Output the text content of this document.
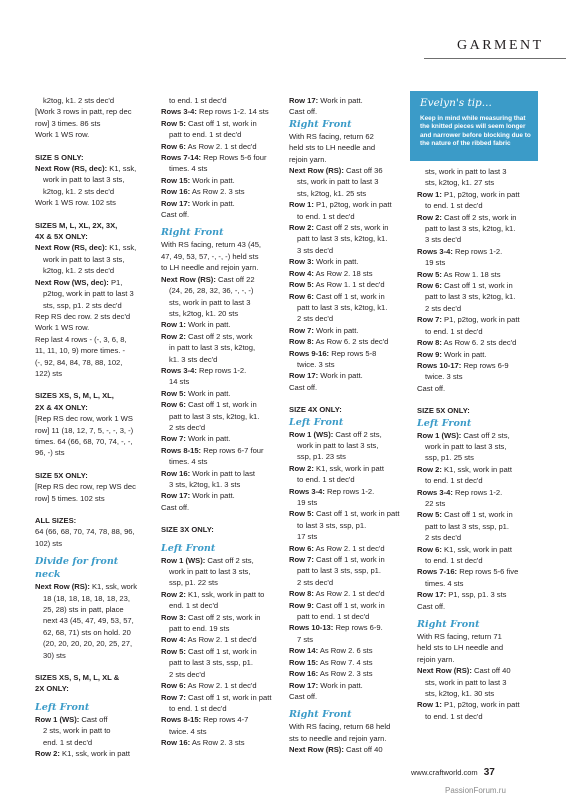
GARMENT
k2tog, k1. 2 sts dec'd
[Work 3 rows in patt, rep dec
row] 3 times. 86 sts
Work 1 WS row.
SIZE S ONLY:
Next Row (RS, dec): K1, ssk,
work in patt to last 3 sts,
k2tog, k1. 2 sts dec'd
Work 1 WS row. 102 sts
SIZES M, L, XL, 2X, 3X,
4X & 5X ONLY:
Next Row (RS, dec): K1, ssk,
work in patt to last 3 sts,
k2tog, k1. 2 sts dec'd
Next Row (WS, dec): P1,
p2tog, work in patt to last 3
sts, ssp, p1. 2 sts dec'd
Rep RS dec row. 2 sts dec'd
Work 1 WS row.
Rep last 4 rows - (-, 3, 6, 8,
11, 11, 10, 9) more times. -
(-, 92, 84, 84, 78, 88, 102,
122) sts
SIZES XS, S, M, L, XL,
2X & 4X ONLY:
[Rep RS dec row, work 1 WS
row] 11 (18, 12, 7, 5, -, -, 3, -)
times. 64 (66, 68, 70, 74, -, -,
96, -) sts
SIZE 5X ONLY:
[Rep RS dec row, rep WS dec
row] 5 times. 102 sts
ALL SIZES:
64 (66, 68, 70, 74, 78, 88, 96,
102) sts
Divide for front neck
Next Row (RS): K1, ssk, work
18 (18, 18, 18, 18, 18, 23,
25, 28) sts in patt, place
next 43 (45, 47, 49, 53, 57,
62, 68, 71) sts on hold. 20
(20, 20, 20, 20, 20, 25, 27,
30) sts
SIZES XS, S, M, L, XL &
2X ONLY:
Left Front
Row 1 (WS): Cast off
2 sts, work in patt to
end. 1 st dec'd
Row 2: K1, ssk, work in patt
to end. 1 st dec'd
Rows 3-4: Rep rows 1-2. 14 sts
Row 5: Cast off 1 st, work in
patt to end. 1 st dec'd
Row 6: As Row 2. 1 st dec'd
Rows 7-14: Rep Rows 5-6 four
times. 4 sts
Row 15: Work in patt.
Row 16: As Row 2. 3 sts
Row 17: Work in patt.
Cast off.
Right Front
With RS facing, return 43 (45,
47, 49, 53, 57, -, -, -) held sts
to LH needle and rejoin yarn.
Next Row (RS): Cast off 22
(24, 26, 28, 32, 36, -, -, -)
sts, work in patt to last 3
sts, k2tog, k1. 20 sts
Row 1: Work in patt.
Row 2: Cast off 2 sts, work
in patt to last 3 sts, k2tog,
k1. 3 sts dec'd
Rows 3-4: Rep rows 1-2.
14 sts
Row 5: Work in patt.
Row 6: Cast off 1 st, work in
patt to last 3 sts, k2tog, k1.
2 sts dec'd
Row 7: Work in patt.
Rows 8-15: Rep rows 6-7 four
times. 4 sts
Row 16: Work in patt to last
3 sts, k2tog, k1. 3 sts
Row 17: Work in patt.
Cast off.
SIZE 3X ONLY:
Left Front
Row 1 (WS): Cast off 2 sts,
work in patt to last 3 sts,
ssp, p1. 22 sts
Row 2: K1, ssk, work in patt to
end. 1 st dec'd
Row 3: Cast off 2 sts, work in
patt to end. 19 sts
Row 4: As Row 2. 1 st dec'd
Row 5: Cast off 1 st, work in
patt to last 3 sts, ssp, p1.
2 sts dec'd
Row 6: As Row 2. 1 st dec'd
Row 7: Cast off 1 st, work in patt
to end. 1 st dec'd
Rows 8-15: Rep rows 4-7
twice. 4 sts
Row 16: As Row 2. 3 sts
Row 17: Work in patt.
Cast off.
Right Front
With RS facing, return 62
held sts to LH needle and
rejoin yarn.
Next Row (RS): Cast off 36
sts, work in patt to last 3
sts, k2tog, k1. 25 sts
Row 1: P1, p2tog, work in patt
to end. 1 st dec'd
Row 2: Cast off 2 sts, work in
patt to last 3 sts, k2tog, k1.
3 sts dec'd
Row 3: Work in patt.
Row 4: As Row 2. 18 sts
Row 5: As Row 1. 1 st dec'd
Row 6: Cast off 1 st, work in
patt to last 3 sts, k2tog, k1.
2 sts dec'd
Row 7: Work in patt.
Row 8: As Row 6. 2 sts dec'd
Rows 9-16: Rep rows 5-8
twice. 3 sts
Row 17: Work in patt.
Cast off.
SIZE 4X ONLY:
Left Front
Row 1 (WS): Cast off 2 sts,
work in patt to last 3 sts,
ssp, p1. 23 sts
Row 2: K1, ssk, work in patt
to end. 1 st dec'd
Rows 3-4: Rep rows 1-2.
19 sts
Row 5: Cast off 1 st, work in patt
to last 3 sts, ssp, p1.
17 sts
Row 6: As Row 2. 1 st dec'd
Row 7: Cast off 1 st, work in
patt to last 3 sts, ssp, p1.
2 sts dec'd
Row 8: As Row 2. 1 st dec'd
Row 9: Cast off 1 st, work in
patt to end. 1 st dec'd
Rows 10-13: Rep rows 6-9.
7 sts
Row 14: As Row 2. 6 sts
Row 15: As Row 7. 4 sts
Row 16: As Row 2. 3 sts
Row 17: Work in patt.
Cast off.
Right Front
With RS facing, return 68 held
sts to needle and rejoin yarn.
Next Row (RS): Cast off 40
sts, work in patt to last 3
sts, k2tog, k1. 27 sts
Row 1: P1, p2tog, work in patt
to end. 1 st dec'd
Row 2: Cast off 2 sts, work in
patt to last 3 sts, k2tog, k1.
3 sts dec'd
Rows 3-4: Rep rows 1-2.
19 sts
Row 5: As Row 1. 18 sts
Row 6: Cast off 1 st, work in
patt to last 3 sts, k2tog, k1.
2 sts dec'd
Row 7: P1, p2tog, work in patt
to end. 1 st dec'd
Row 8: As Row 6. 2 sts dec'd
Row 9: Work in patt.
Rows 10-17: Rep rows 6-9
twice. 3 sts
Cast off.
SIZE 5X ONLY:
Left Front
Row 1 (WS): Cast off 2 sts,
work in patt to last 3 sts,
ssp, p1. 25 sts
Row 2: K1, ssk, work in patt
to end. 1 st dec'd
Rows 3-4: Rep rows 1-2.
22 sts
Row 5: Cast off 1 st, work in
patt to last 3 sts, ssp, p1.
2 sts dec'd
Row 6: K1, ssk, work in patt
to end. 1 st dec'd
Rows 7-16: Rep rows 5-6 five
times. 4 sts
Row 17: P1, ssp, p1. 3 sts
Cast off.
Right Front
With RS facing, return 71
held sts to LH needle and
rejoin yarn.
Next Row (RS): Cast off 40
sts, work in patt to last 3
sts, k2tog, k1. 30 sts
Row 1: P1, p2tog, work in patt
to end. 1 st dec'd
Evelyn's tip...
Keep in mind while measuring that the knitted pieces will seem longer and narrower before blocking due to the nature of the ribbed fabric
www.craftworld.com 37
PassionForum.ru
